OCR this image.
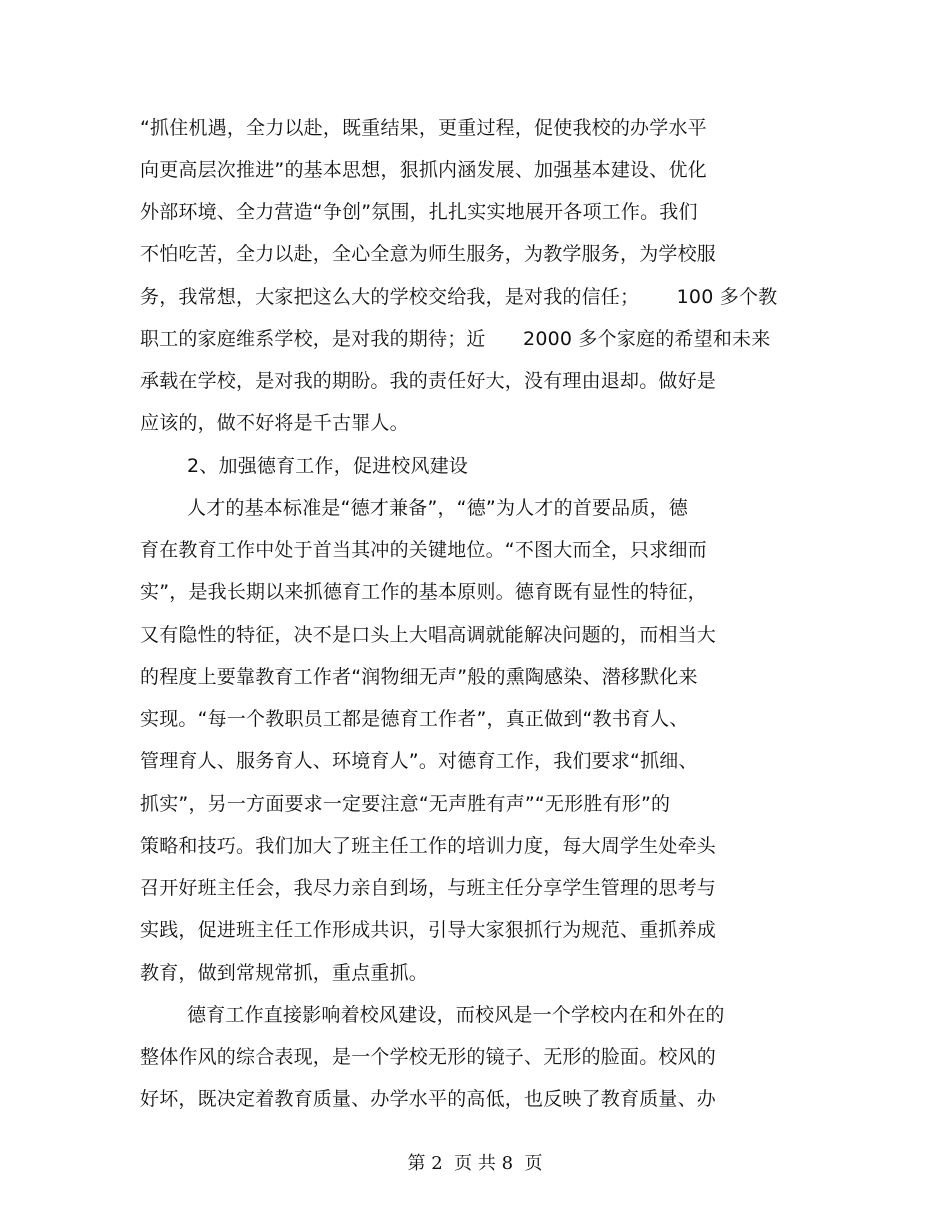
“抓住机遇，全力以赴，既重结果，更重过程，促使我校的办学水平
向更高层次推进”的基本思想，狠抓内涵发展、加强基本建设、优化
外部环境、全力营造“争创”氛围，扎扎实实地展开各项工作。我们
不怕吃苦，全力以赴，全心全意为师生服务，为教学服务，为学校服
务，我常想，大家把这么大的学校交给我，是对我的信任；      100 多个教
职工的家庭维系学校，是对我的期待；近      2000 多个家庭的希望和未来
承载在学校，是对我的期盼。我的责任好大，没有理由退却。做好是
应该的，做不好将是千古罪人。
2、加强德育工作，促进校风建设
人才的基本标准是“德才兼备”，“德”为人才的首要品质，德
育在教育工作中处于首当其冲的关键地位。“不图大而全，只求细而
实”，是我长期以来抓德育工作的基本原则。德育既有显性的特征，
又有隐性的特征，决不是口头上大唱高调就能解决问题的，而相当大
的程度上要靠教育工作者“润物细无声”般的熏陶感染、潜移默化来
实现。“每一个教职员工都是德育工作者”，真正做到“教书育人、
管理育人、服务育人、环境育人”。对德育工作，我们要求“抓细、
抓实”，另一方面要求一定要注意“无声胜有声”“无形胜有形”的
策略和技巧。我们加大了班主任工作的培训力度，每大周学生处牵头
召开好班主任会，我尽力亲自到场，与班主任分享学生管理的思考与
实践，促进班主任工作形成共识，引导大家狠抓行为规范、重抓养成
教育，做到常规常抓，重点重抓。
德育工作直接影响着校风建设，而校风是一个学校内在和外在的
整体作风的综合表现，是一个学校无形的镜子、无形的脸面。校风的
好坏，既决定着教育质量、办学水平的高低，也反映了教育质量、办
第 2  页 共 8  页
